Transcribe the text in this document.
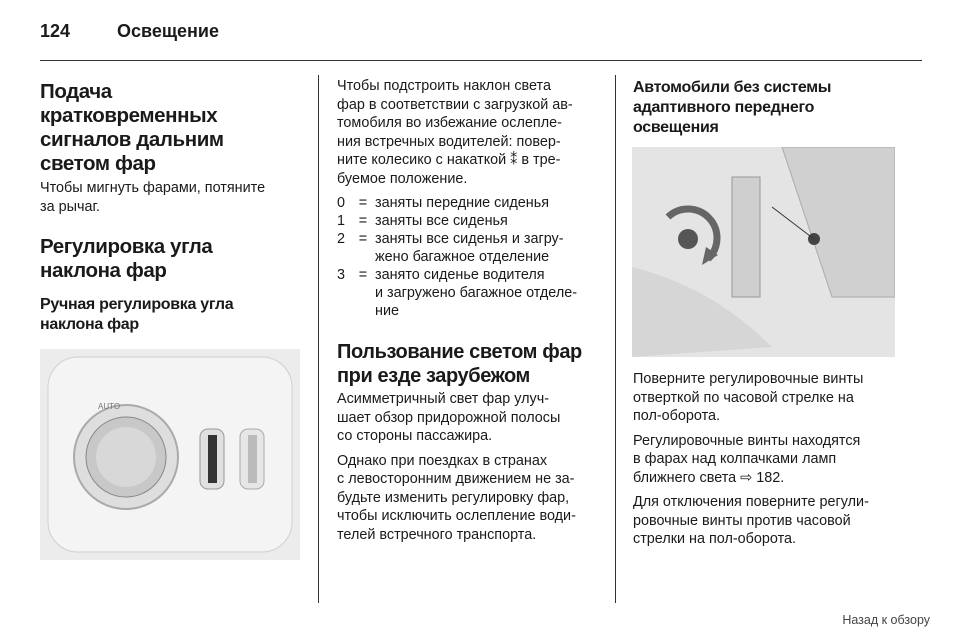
124	Освещение
Подача
кратковременных
сигналов дальним
светом фар

Чтобы мигнуть фарами, потяните
за рычаг.

Регулировка угла
наклона фар
Ручная регулировка угла
наклона фар
AUTO

Чтобы подстроить наклон света
фар в соответствии с загрузкой ав-
томобиля во избежание ослепле-
ния встречных водителей: повер-
ните колесико с накаткой ⁑ в тре-
буемое положение.

0 = заняты передние сиденья
1 = заняты все сиденья
2 = заняты все сиденья и загру-
жено багажное отделение
3 = занято сиденье водителя
и загружено багажное отделе-
ние
Пользование светом фар
при езде зарубежом

Асимметричный свет фар улуч-
шает обзор придорожной полосы
со стороны пассажира.

Однако при поездках в странах
с левосторонним движением не за-
будьте изменить регулировку фар,
чтобы исключить ослепление води-
телей встречного транспорта.

Автомобили без системы
адаптивного переднего
освещения

Поверните регулировочные винты
отверткой по часовой стрелке на
пол-оборота.

Регулировочные винты находятся
в фарах над колпачками ламп
ближнего света ⇨ 182.

Для отключения поверните регули-
ровочные винты против часовой
стрелки на пол-оборота.

Назад к обзору
